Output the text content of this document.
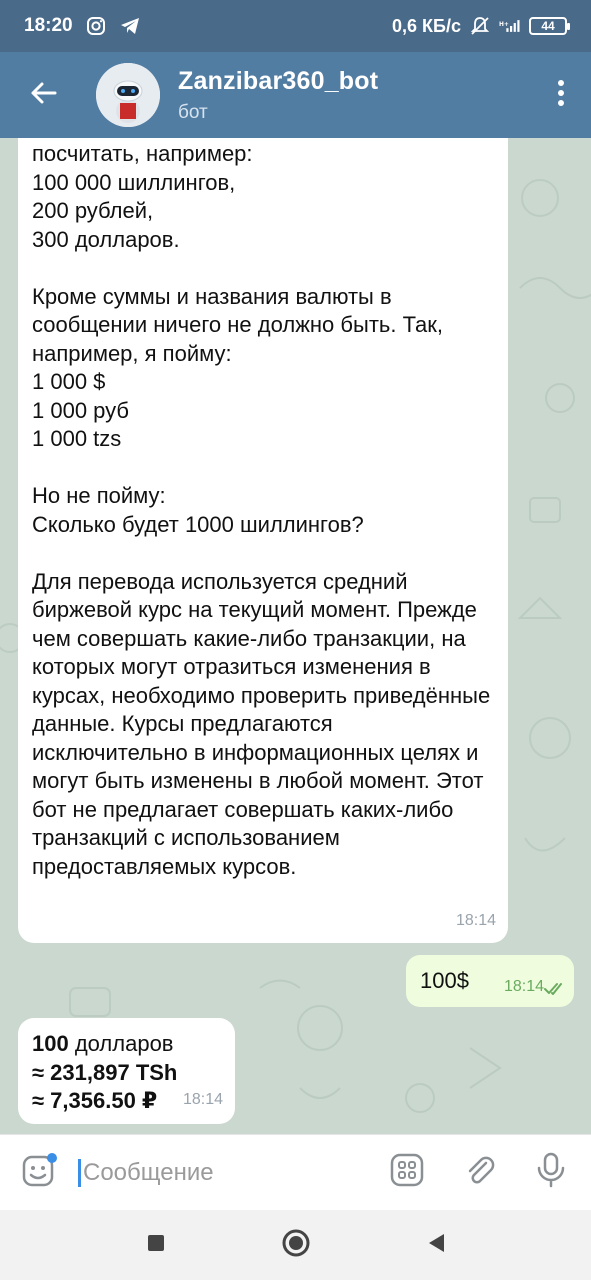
18:20	0,6 КБ/с	H+	44
Zanzibar360_bot
бот
посчитать, например:
100 000 шиллингов,
200 рублей,
300 долларов.

Кроме суммы и названия валюты в сообщении ничего не должно быть. Так, например, я пойму:
1 000 $
1 000 руб
1 000 tzs

Но не пойму:
Сколько будет 1000 шиллингов?

Для перевода используется средний биржевой курс на текущий момент. Прежде чем совершать какие-либо транзакции, на которых могут отразиться изменения в курсах, необходимо проверить приведённые данные. Курсы предлагаются исключительно в информационных целях и могут быть изменены в любой момент. Этот бот не предлагает совершать каких-либо транзакций с использованием предоставляемых курсов.
18:14
100$ 18:14
100 долларов
≈ 231,897 TSh
≈ 7,356.50 ₽	18:14
Сообщение
